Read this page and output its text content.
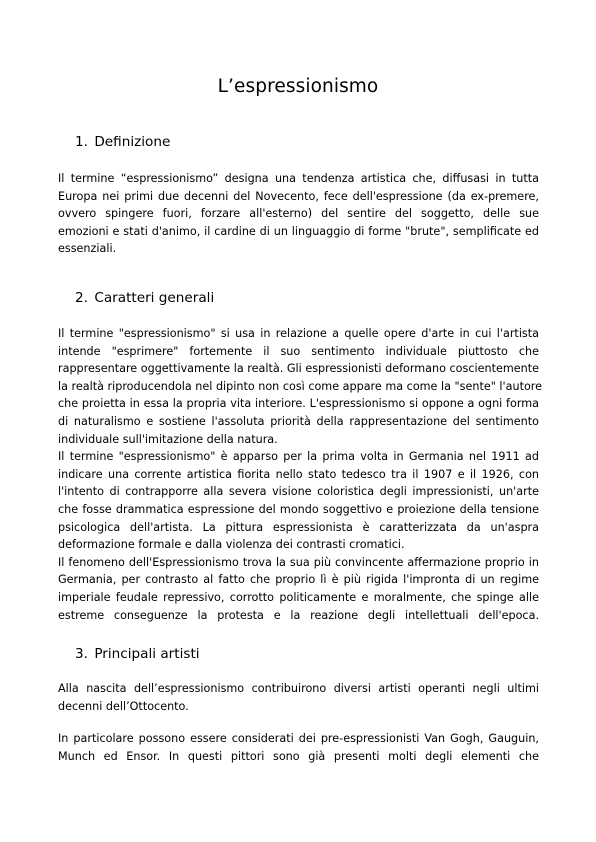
L’espressionismo
1. Definizione
Il termine “espressionismo” designa una tendenza artistica che, diffusasi in tutta
Europa nei primi due decenni del Novecento, fece dell'espressione (da ex-premere,
ovvero spingere fuori, forzare all'esterno) del sentire del soggetto, delle sue
emozioni e stati d'animo, il cardine di un linguaggio di forme "brute", semplificate ed
essenziali.
2. Caratteri generali
Il termine "espressionismo" si usa in relazione a quelle opere d'arte in cui l'artista
intende "esprimere" fortemente il suo sentimento individuale piuttosto che
rappresentare oggettivamente la realtà. Gli espressionisti deformano coscientemente
la realtà riproducendola nel dipinto non così come appare ma come la "sente" l'autore
che proietta in essa la propria vita interiore. L'espressionismo si oppone a ogni forma
di naturalismo e sostiene l'assoluta priorità della rappresentazione del sentimento
individuale sull'imitazione della natura.
Il termine "espressionismo" è apparso per la prima volta in Germania nel 1911 ad
indicare una corrente artistica fiorita nello stato tedesco tra il 1907 e il 1926, con
l'intento di contrapporre alla severa visione coloristica degli impressionisti, un'arte
che fosse drammatica espressione del mondo soggettivo e proiezione della tensione
psicologica dell'artista. La pittura espressionista è caratterizzata da un'aspra
deformazione formale e dalla violenza dei contrasti cromatici.
Il fenomeno dell'Espressionismo trova la sua più convincente affermazione proprio in
Germania, per contrasto al fatto che proprio lì è più rigida l'impronta di un regime
imperiale feudale repressivo, corrotto politicamente e moralmente, che spinge alle
estreme conseguenze la protesta e la reazione degli intellettuali dell'epoca.
3. Principali artisti
Alla nascita dell’espressionismo contribuirono diversi artisti operanti negli ultimi
decenni dell’Ottocento.
In particolare possono essere considerati dei pre-espressionisti Van Gogh, Gauguin,
Munch ed Ensor. In questi pittori sono già presenti molti degli elementi che
